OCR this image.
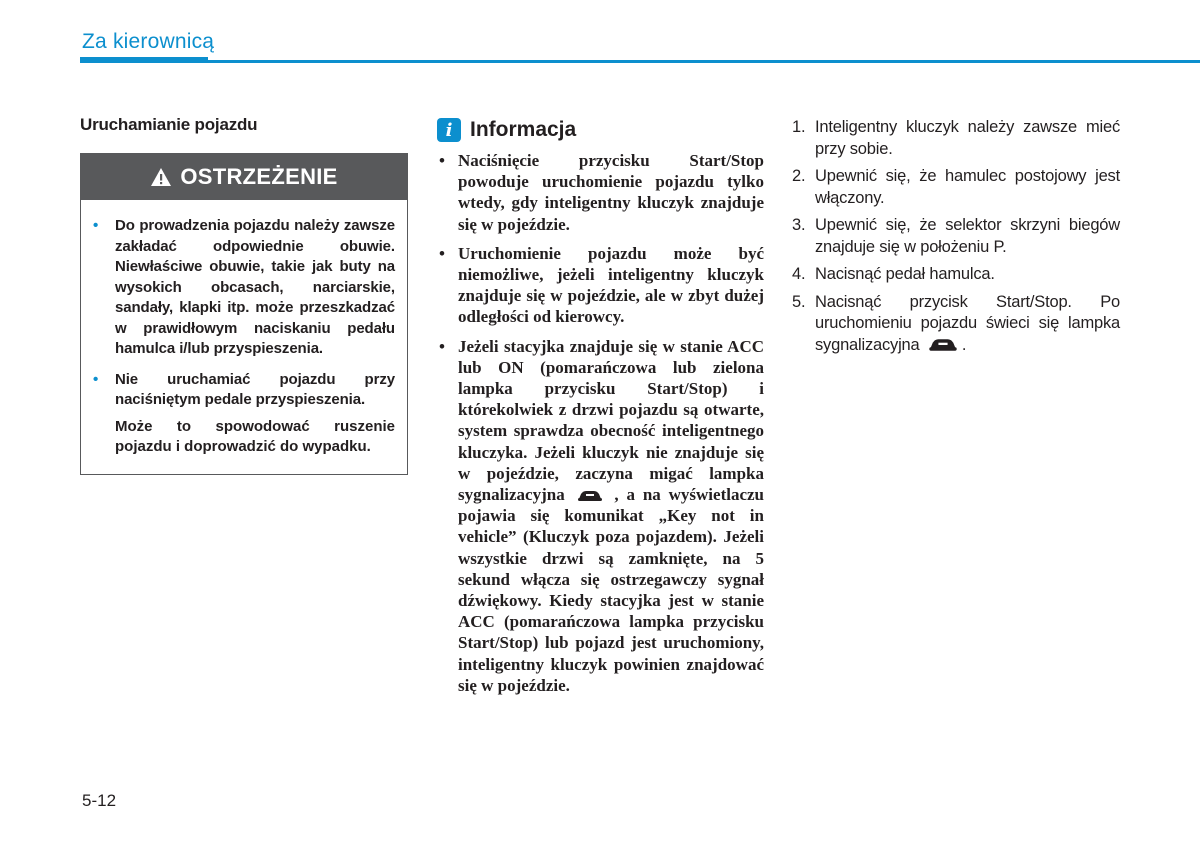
Za kierownicą
Uruchamianie pojazdu
OSTRZEŻENIE
• Do prowadzenia pojazdu należy zawsze zakładać odpowiednie obuwie. Niewłaściwe obuwie, takie jak buty na wysokich obcasach, narciarskie, sandały, klapki itp. może przeszkadzać w prawidłowym naciskaniu pedału hamulca i/lub przyspieszenia.
• Nie uruchamiać pojazdu przy naciśniętym pedale przyspieszenia.
Może to spowodować ruszenie pojazdu i doprowadzić do wypadku.
i Informacja
• Naciśnięcie przycisku Start/Stop powoduje uruchomienie pojazdu tylko wtedy, gdy inteligentny kluczyk znajduje się w pojeździe.
• Uruchomienie pojazdu może być niemożliwe, jeżeli inteligentny kluczyk znajduje się w pojeździe, ale w zbyt dużej odległości od kierowcy.
• Jeżeli stacyjka znajduje się w stanie ACC lub ON (pomarańczowa lub zielona lampka przycisku Start/Stop) i którekolwiek z drzwi pojazdu są otwarte, system sprawdza obecność inteligentnego kluczyka. Jeżeli kluczyk nie znajduje się w pojeździe, zaczyna migać lampka sygnalizacyjna	, a na wyświetlaczu pojawia się komunikat „Key not in vehicle” (Kluczyk poza pojazdem). Jeżeli wszystkie drzwi są zamknięte, na 5 sekund włącza się ostrzegawczy sygnał dźwiękowy. Kiedy stacyjka jest w stanie ACC (pomarańczowa lampka przycisku Start/Stop) lub pojazd jest uruchomiony, inteligentny kluczyk powinien znajdować się w pojeździe.
1. Inteligentny kluczyk należy zawsze mieć przy sobie.
2. Upewnić się, że hamulec postojowy jest włączony.
3. Upewnić się, że selektor skrzyni biegów znajduje się w położeniu P.
4. Nacisnąć pedał hamulca.
5. Nacisnąć przycisk Start/Stop. Po uruchomieniu pojazdu świeci się lampka sygnalizacyjna	.
5-12
